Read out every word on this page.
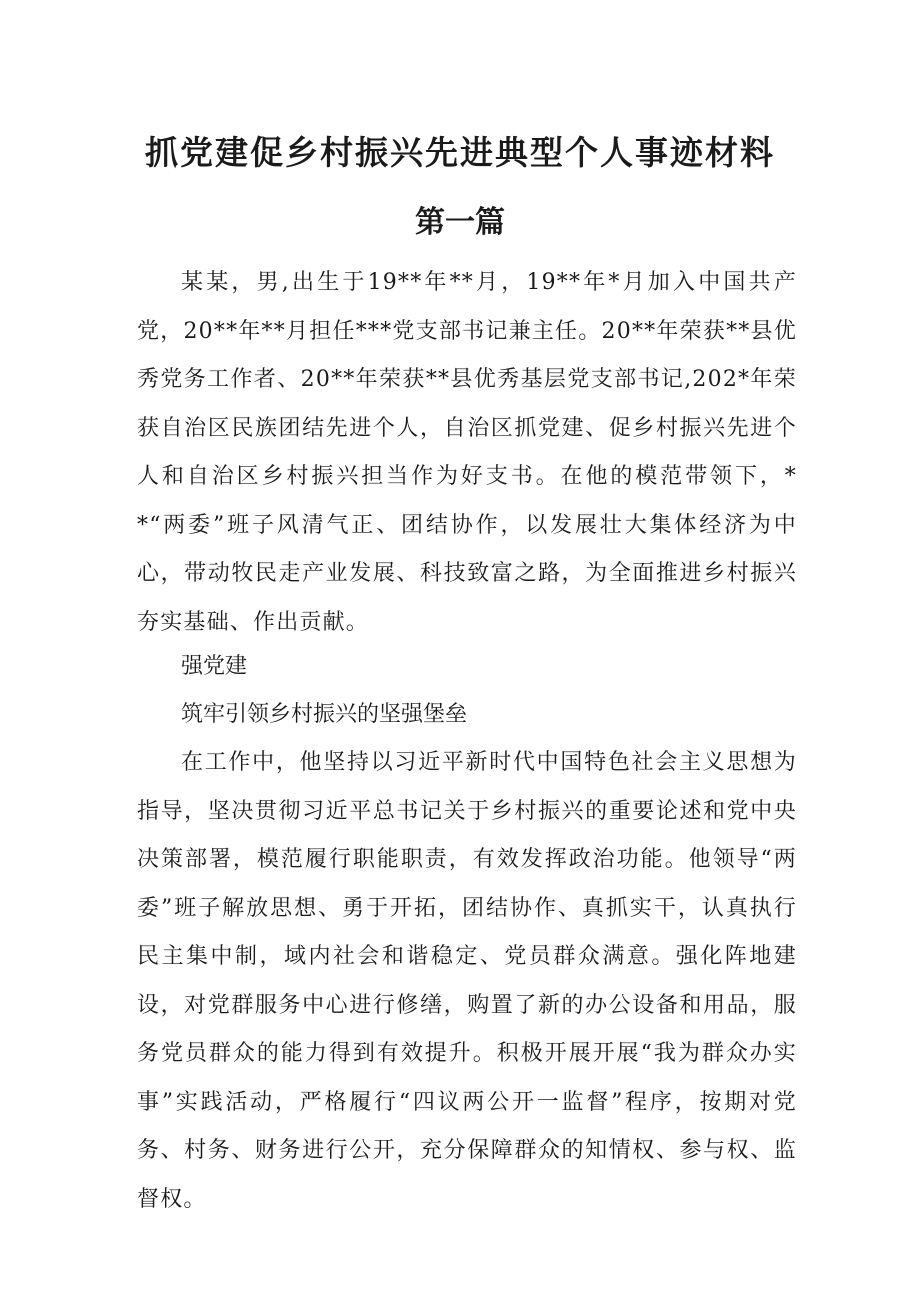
抓党建促乡村振兴先进典型个人事迹材料
第一篇

某某，男,出生于19**年**月，19**年*月加入中国共产党，20**年**月担任***党支部书记兼主任。20**年荣获**县优秀党务工作者、20**年荣获**县优秀基层党支部书记,202*年荣获自治区民族团结先进个人，自治区抓党建、促乡村振兴先进个人和自治区乡村振兴担当作为好支书。在他的模范带领下，**“两委”班子风清气正、团结协作，以发展壮大集体经济为中心，带动牧民走产业发展、科技致富之路，为全面推进乡村振兴夯实基础、作出贡献。

强党建
筑牢引领乡村振兴的坚强堡垒

在工作中，他坚持以习近平新时代中国特色社会主义思想为指导，坚决贯彻习近平总书记关于乡村振兴的重要论述和党中央决策部署，模范履行职能职责，有效发挥政治功能。他领导“两委”班子解放思想、勇于开拓，团结协作、真抓实干，认真执行民主集中制，域内社会和谐稳定、党员群众满意。强化阵地建设，对党群服务中心进行修缮，购置了新的办公设备和用品，服务党员群众的能力得到有效提升。积极开展开展“我为群众办实事”实践活动，严格履行“四议两公开一监督”程序，按期对党务、村务、财务进行公开，充分保障群众的知情权、参与权、监督权。
